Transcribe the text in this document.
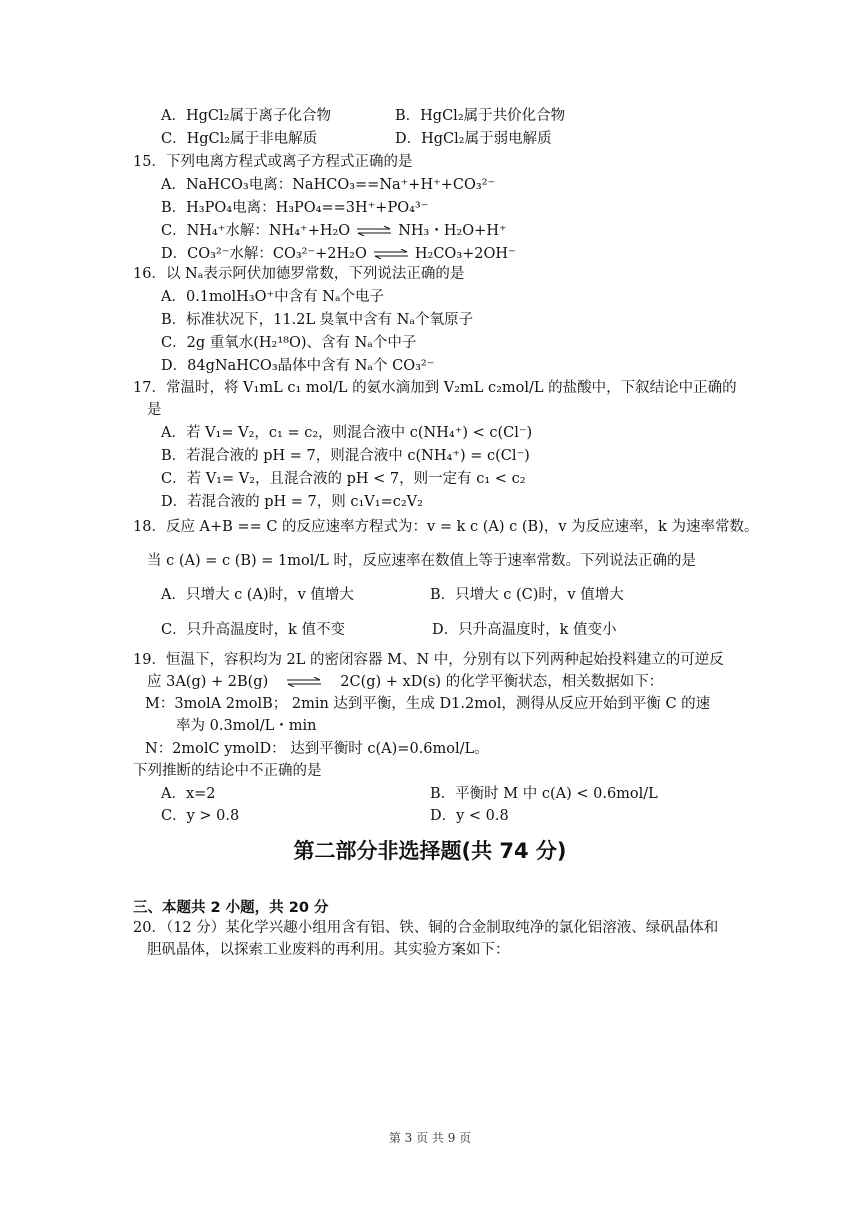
A．HgCl₂属于离子化合物	B．HgCl₂属于共价化合物
C．HgCl₂属于非电解质	D．HgCl₂属于弱电解质
15．下列电离方程式或离子方程式正确的是
A．NaHCO₃电离：NaHCO₃==Na⁺+H⁺+CO₃²⁻
B．H₃PO₄电离：H₃PO₄==3H⁺+PO₄³⁻
C．NH₄⁺水解：NH₄⁺+H₂O ⇌ NH₃・H₂O+H⁺
D．CO₃²⁻水解：CO₃²⁻+2H₂O ⇌ H₂CO₃+2OH⁻
16．以 Nₐ表示阿伏加德罗常数，下列说法正确的是
A．0.1molH₃O⁺中含有 Nₐ个电子
B．标准状况下，11.2L 臭氧中含有 Nₐ个氧原子
C．2g 重氧水(H₂¹⁸O)、含有 Nₐ个中子
D．84gNaHCO₃晶体中含有 Nₐ个 CO₃²⁻
17．常温时，将 V₁mL c₁ mol/L 的氨水滴加到 V₂mL c₂mol/L 的盐酸中，下叙结论中正确的
是
A．若 V₁= V₂，c₁ = c₂，则混合液中 c(NH₄⁺) < c(Cl⁻)
B．若混合液的 pH = 7，则混合液中 c(NH₄⁺) = c(Cl⁻)
C．若 V₁= V₂，且混合液的 pH < 7，则一定有 c₁ < c₂
D．若混合液的 pH = 7，则 c₁V₁=c₂V₂
18．反应 A+B == C 的反应速率方程式为：v = k c (A) c (B)，v 为反应速率，k 为速率常数。
当 c (A) = c (B) = 1mol/L 时，反应速率在数值上等于速率常数。下列说法正确的是
A．只增大 c (A)时，v 值增大	B．只增大 c (C)时，v 值增大
C．只升高温度时，k 值不变	D．只升高温度时，k 值变小
19．恒温下，容积均为 2L 的密闭容器 M、N 中，分别有以下列两种起始投料建立的可逆反
应 3A(g) + 2B(g) ⇌ 2C(g) + xD(s) 的化学平衡状态，相关数据如下：
M：3molA 2molB； 2min 达到平衡，生成 D1.2mol，测得从反应开始到平衡 C 的速
率为 0.3mol/L・min
N：2molC ymolD： 达到平衡时 c(A)=0.6mol/L。
下列推断的结论中不正确的是
A．x=2	B．平衡时 M 中 c(A) < 0.6mol/L
C．y > 0.8	D．y < 0.8
第二部分非选择题(共 74 分)
三、本题共 2 小题，共 20 分
20．（12 分）某化学兴趣小组用含有铝、铁、铜的合金制取纯净的氯化铝溶液、绿矾晶体和
胆矾晶体，以探索工业废料的再利用。其实验方案如下：
第 3 页 共 9 页
